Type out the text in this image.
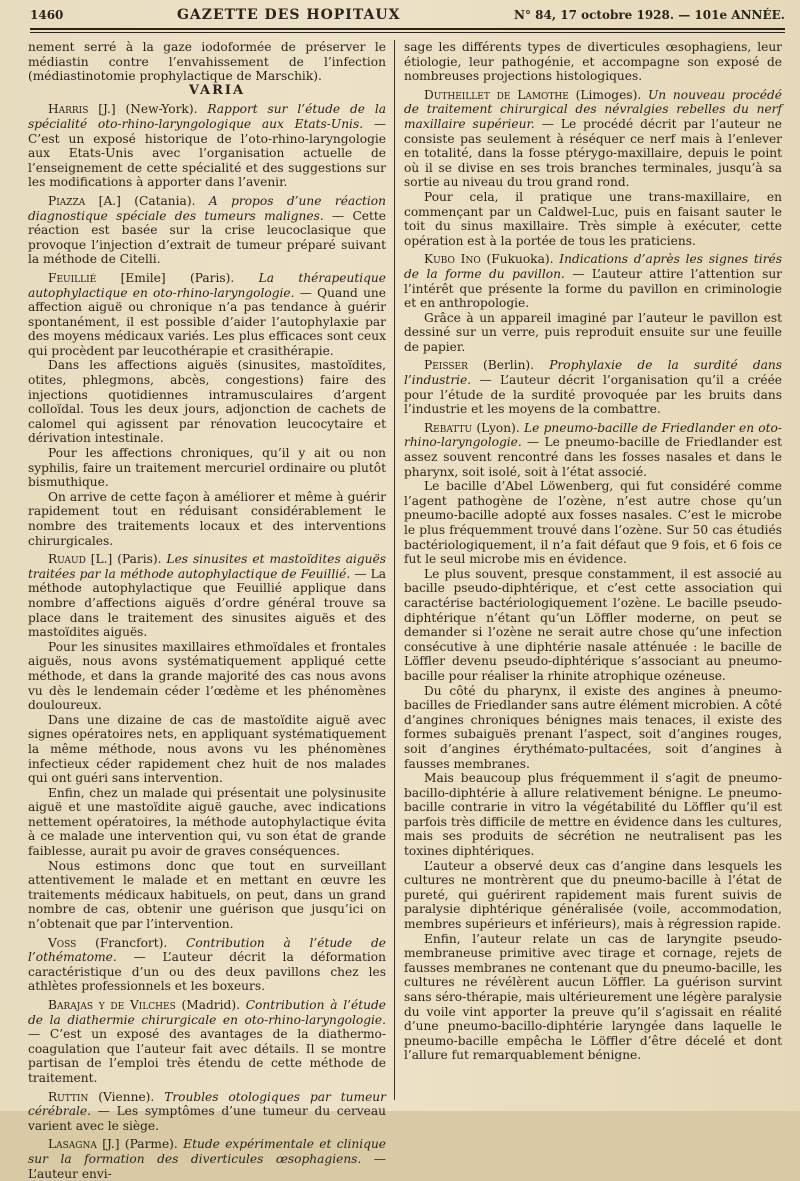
1460	GAZETTE DES HOPITAUX	N° 84, 17 octobre 1928. — 101e ANNÉE.

nement serré à la gaze iodoformée de préserver le médiastin contre l’envahissement de l’infection (médiastinotomie prophylactique de Marschik).

VARIA

Harris [J.] (New-York). Rapport sur l’étude de la spécialité oto-rhino-laryngologique aux Etats-Unis. — C’est un exposé historique de l’oto-rhino-laryngologie aux Etats-Unis avec l’organisation actuelle de l’enseignement de cette spécialité et des suggestions sur les modifications à apporter dans l’avenir.

Piazza [A.] (Catania). A propos d’une réaction diagnostique spéciale des tumeurs malignes. — Cette réaction est basée sur la crise leucoclasique que provoque l’injection d’extrait de tumeur préparé suivant la méthode de Citelli.

Feuillié [Emile] (Paris). La thérapeutique autophylactique en oto-rhino-laryngologie. — Quand une affection aiguë ou chronique n’a pas tendance à guérir spontanément, il est possible d’aider l’autophylaxie par des moyens médicaux variés. Les plus efficaces sont ceux qui procèdent par leucothérapie et crasithérapie.

Dans les affections aiguës (sinusites, mastoïdites, otites, phlegmons, abcès, congestions) faire des injections quotidiennes intramusculaires d’argent colloïdal. Tous les deux jours, adjonction de cachets de calomel qui agissent par rénovation leucocytaire et dérivation intestinale.

Pour les affections chroniques, qu’il y ait ou non syphilis, faire un traitement mercuriel ordinaire ou plutôt bismuthique.

On arrive de cette façon à améliorer et même à guérir rapidement tout en réduisant considérablement le nombre des traitements locaux et des interventions chirurgicales.

Ruaud [L.] (Paris). Les sinusites et mastoïdites aiguës traitées par la méthode autophylactique de Feuillié. — La méthode autophylactique que Feuillié applique dans nombre d’affections aiguës d’ordre général trouve sa place dans le traitement des sinusites aiguës et des mastoïdites aiguës.

Pour les sinusites maxillaires ethmoïdales et frontales aiguës, nous avons systématiquement appliqué cette méthode, et dans la grande majorité des cas nous avons vu dès le lendemain céder l’œdème et les phénomènes douloureux.

Dans une dizaine de cas de mastoïdite aiguë avec signes opératoires nets, en appliquant systématiquement la même méthode, nous avons vu les phénomènes infectieux céder rapidement chez huit de nos malades qui ont guéri sans intervention.

Enfin, chez un malade qui présentait une polysinusite aiguë et une mastoïdite aiguë gauche, avec indications nettement opératoires, la méthode autophylactique évita à ce malade une intervention qui, vu son état de grande faiblesse, aurait pu avoir de graves conséquences.

Nous estimons donc que tout en surveillant attentivement le malade et en mettant en œuvre les traitements médicaux habituels, on peut, dans un grand nombre de cas, obtenir une guérison que jusqu’ici on n’obtenait que par l’intervention.

Voss (Francfort). Contribution à l’étude de l’othématome. — L’auteur décrit la déformation caractéristique d’un ou des deux pavillons chez les athlètes professionnels et les boxeurs.

Barajas y de Vilches (Madrid). Contribution à l’étude de la diathermie chirurgicale en oto-rhino-laryngologie. — C’est un exposé des avantages de la diathermo-coagulation que l’auteur fait avec détails. Il se montre partisan de l’emploi très étendu de cette méthode de traitement.

Ruttin (Vienne). Troubles otologiques par tumeur cérébrale. — Les symptômes d’une tumeur du cerveau varient avec le siège.

Lasagna [J.] (Parme). Etude expérimentale et clinique sur la formation des diverticules œsophagiens. — L’auteur envi-

sage les différents types de diverticules œsophagiens, leur étiologie, leur pathogénie, et accompagne son exposé de nombreuses projections histologiques.

Dutheillet de Lamothe (Limoges). Un nouveau procédé de traitement chirurgical des névralgies rebelles du nerf maxillaire supérieur. — Le procédé décrit par l’auteur ne consiste pas seulement à réséquer ce nerf mais à l’enlever en totalité, dans la fosse ptérygo-maxillaire, depuis le point où il se divise en ses trois branches terminales, jusqu’à sa sortie au niveau du trou grand rond.

Pour cela, il pratique une trans-maxillaire, en commençant par un Caldwel-Luc, puis en faisant sauter le toit du sinus maxillaire. Très simple à exécuter, cette opération est à la portée de tous les praticiens.

Kubo Ino (Fukuoka). Indications d’après les signes tirés de la forme du pavillon. — L’auteur attire l’attention sur l’intérêt que présente la forme du pavillon en criminologie et en anthropologie.

Grâce à un appareil imaginé par l’auteur le pavillon est dessiné sur un verre, puis reproduit ensuite sur une feuille de papier.

Peisser (Berlin). Prophylaxie de la surdité dans l’industrie. — L’auteur décrit l’organisation qu’il a créée pour l’étude de la surdité provoquée par les bruits dans l’industrie et les moyens de la combattre.

Rebattu (Lyon). Le pneumo-bacille de Friedlander en oto-rhino-laryngologie. — Le pneumo-bacille de Friedlander est assez souvent rencontré dans les fosses nasales et dans le pharynx, soit isolé, soit à l’état associé.

Le bacille d’Abel Löwenberg, qui fut considéré comme l’agent pathogène de l’ozène, n’est autre chose qu’un pneumo-bacille adopté aux fosses nasales. C’est le microbe le plus fréquemment trouvé dans l’ozène. Sur 50 cas étudiés bactériologiquement, il n’a fait défaut que 9 fois, et 6 fois ce fut le seul microbe mis en évidence.

Le plus souvent, presque constamment, il est associé au bacille pseudo-diphtérique, et c’est cette association qui caractérise bactériologiquement l’ozène. Le bacille pseudo-diphtérique n’étant qu’un Löffler moderne, on peut se demander si l’ozène ne serait autre chose qu’une infection consécutive à une diphtérie nasale atténuée : le bacille de Löffler devenu pseudo-diphtérique s’associant au pneumo-bacille pour réaliser la rhinite atrophique ozéneuse.

Du côté du pharynx, il existe des angines à pneumo-bacilles de Friedlander sans autre élément microbien. A côté d’angines chroniques bénignes mais tenaces, il existe des formes subaiguës prenant l’aspect, soit d’angines rouges, soit d’angines érythémato-pultacées, soit d’angines à fausses membranes.

Mais beaucoup plus fréquemment il s’agit de pneumo-bacillo-diphtérie à allure relativement bénigne. Le pneumo-bacille contrarie in vitro la végétabilité du Löffler qu’il est parfois très difficile de mettre en évidence dans les cultures, mais ses produits de sécrétion ne neutralisent pas les toxines diphtériques.

L’auteur a observé deux cas d’angine dans lesquels les cultures ne montrèrent que du pneumo-bacille à l’état de pureté, qui guérirent rapidement mais furent suivis de paralysie diphtérique généralisée (voile, accommodation, membres supérieurs et inférieurs), mais à régression rapide.

Enfin, l’auteur relate un cas de laryngite pseudo-membraneuse primitive avec tirage et cornage, rejets de fausses membranes ne contenant que du pneumo-bacille, les cultures ne révélèrent aucun Löffler. La guérison survint sans séro-thérapie, mais ultérieurement une légère paralysie du voile vint apporter la preuve qu’il s’agissait en réalité d’une pneumo-bacillo-diphtérie laryngée dans laquelle le pneumo-bacille empêcha le Löffler d’être décelé et dont l’allure fut remarquablement bénigne.
